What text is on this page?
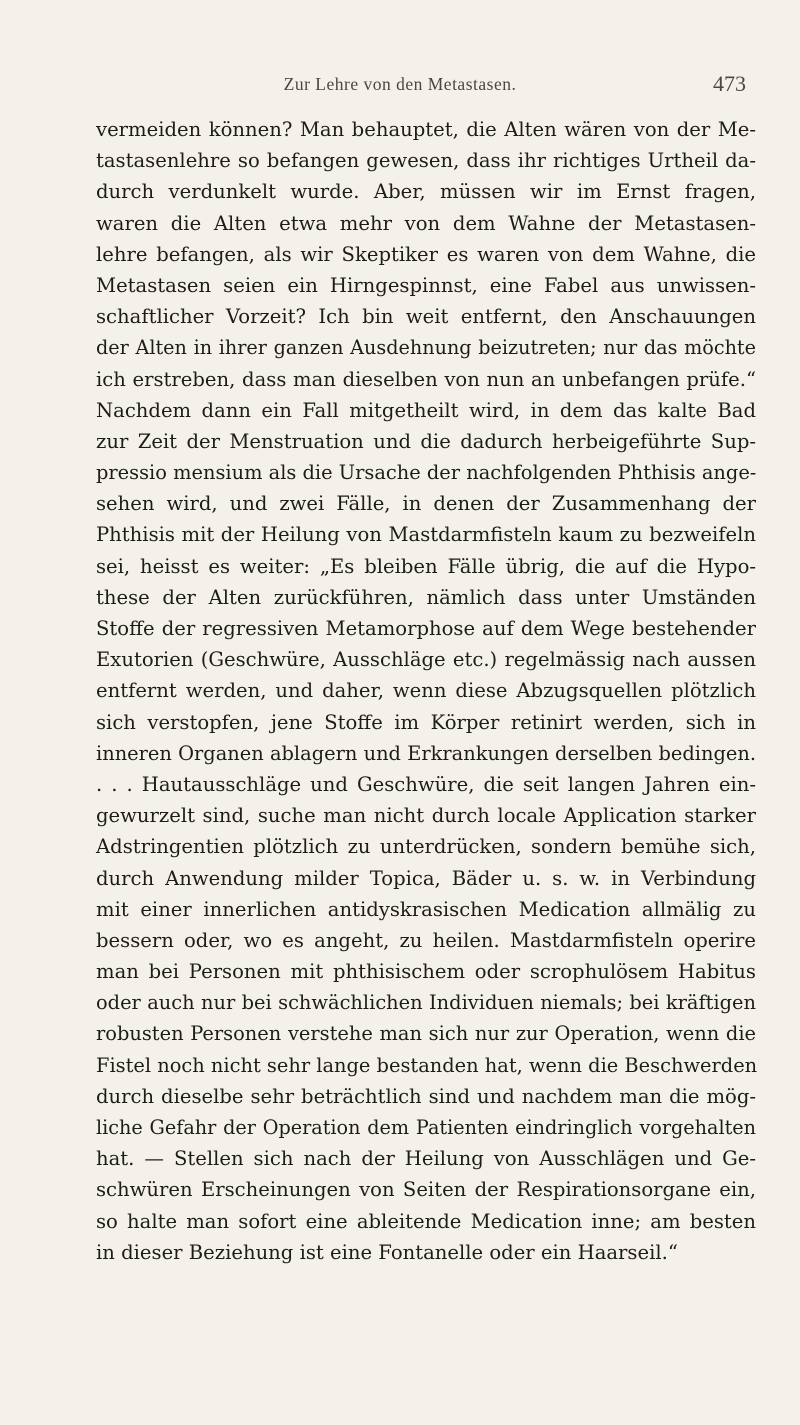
Zur Lehre von den Metastasen.	473
vermeiden können? Man behauptet, die Alten wären von der Me-
tastasenlehre so befangen gewesen, dass ihr richtiges Urtheil da-
durch verdunkelt wurde. Aber, müssen wir im Ernst fragen,
waren die Alten etwa mehr von dem Wahne der Metastasen-
lehre befangen, als wir Skeptiker es waren von dem Wahne, die
Metastasen seien ein Hirngespinnst, eine Fabel aus unwissen-
schaftlicher Vorzeit? Ich bin weit entfernt, den Anschauungen
der Alten in ihrer ganzen Ausdehnung beizutreten; nur das möchte
ich erstreben, dass man dieselben von nun an unbefangen prüfe.“
Nachdem dann ein Fall mitgetheilt wird, in dem das kalte Bad
zur Zeit der Menstruation und die dadurch herbeigeführte Sup-
pressio mensium als die Ursache der nachfolgenden Phthisis ange-
sehen wird, und zwei Fälle, in denen der Zusammenhang der
Phthisis mit der Heilung von Mastdarmfisteln kaum zu bezweifeln
sei, heisst es weiter: „Es bleiben Fälle übrig, die auf die Hypo-
these der Alten zurückführen, nämlich dass unter Umständen
Stoffe der regressiven Metamorphose auf dem Wege bestehender
Exutorien (Geschwüre, Ausschläge etc.) regelmässig nach aussen
entfernt werden, und daher, wenn diese Abzugsquellen plötzlich
sich verstopfen, jene Stoffe im Körper retinirt werden, sich in
inneren Organen ablagern und Erkrankungen derselben bedingen.
. . . Hautausschläge und Geschwüre, die seit langen Jahren ein-
gewurzelt sind, suche man nicht durch locale Application starker
Adstringentien plötzlich zu unterdrücken, sondern bemühe sich,
durch Anwendung milder Topica, Bäder u. s. w. in Verbindung
mit einer innerlichen antidyskrasischen Medication allmälig zu
bessern oder, wo es angeht, zu heilen. Mastdarmfisteln operire
man bei Personen mit phthisischem oder scrophulösem Habitus
oder auch nur bei schwächlichen Individuen niemals; bei kräftigen
robusten Personen verstehe man sich nur zur Operation, wenn die
Fistel noch nicht sehr lange bestanden hat, wenn die Beschwerden
durch dieselbe sehr beträchtlich sind und nachdem man die mög-
liche Gefahr der Operation dem Patienten eindringlich vorgehalten
hat. — Stellen sich nach der Heilung von Ausschlägen und Ge-
schwüren Erscheinungen von Seiten der Respirationsorgane ein,
so halte man sofort eine ableitende Medication inne; am besten
in dieser Beziehung ist eine Fontanelle oder ein Haarseil.“
